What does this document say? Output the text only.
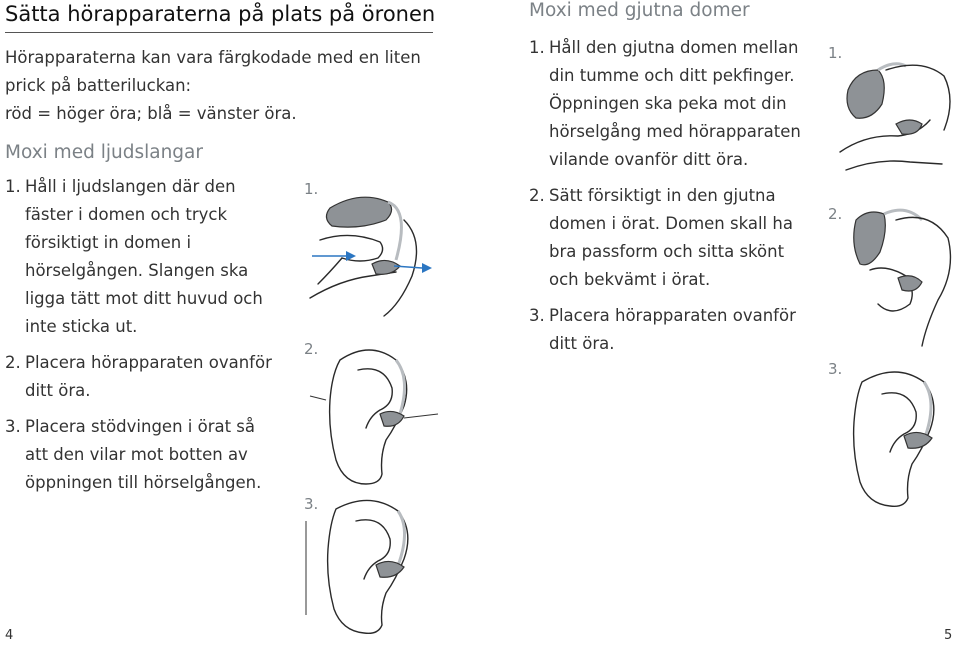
Sätta hörapparaterna på plats på öronen
Hörapparaterna kan vara färgkodade med en liten
prick på batteriluckan:
röd = höger öra; blå = vänster öra.
Moxi med ljudslangar
1. Håll i ljudslangen där den
fäster i domen och tryck
försiktigt in domen i
hörselgången. Slangen ska
ligga tätt mot ditt huvud och
inte sticka ut.
2. Placera hörapparaten ovanför
ditt öra.
3. Placera stödvingen i örat så
att den vilar mot botten av
öppningen till hörselgången.
1.
2.
3.
4
Moxi med gjutna domer
1. Håll den gjutna domen mellan
din tumme och ditt pekfinger.
Öppningen ska peka mot din
hörselgång med hörapparaten
vilande ovanför ditt öra.
2. Sätt försiktigt in den gjutna
domen i örat. Domen skall ha
bra passform och sitta skönt
och bekvämt i örat.
3. Placera hörapparaten ovanför
ditt öra.
1.
2.
3.
5
